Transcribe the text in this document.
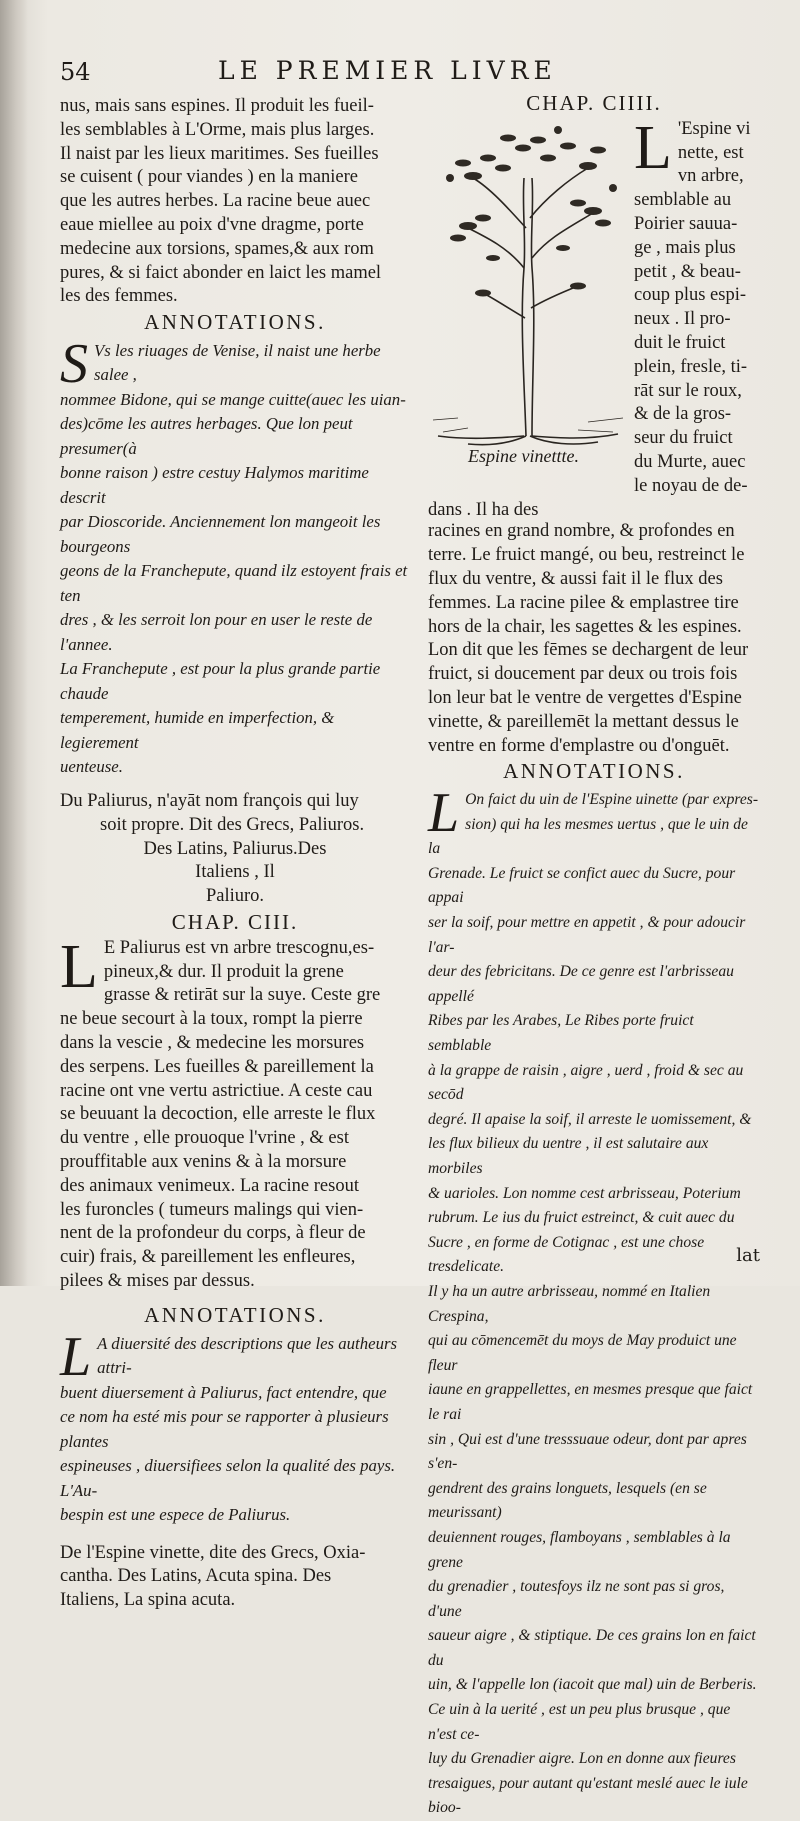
54	LE PREMIER LIVRE

nus, mais sans espines. Il produit les fueil-

les semblables à L'Orme, mais plus larges.

Il naist par les lieux maritimes. Ses fueilles

se cuisent ( pour viandes ) en la maniere

que les autres herbes. La racine beue auec

eaue miellee au poix d'vne dragme, porte

medecine aux torsions, spames,& aux rom

pures, & si faict abonder en laict les mamel

les des femmes.

ANNOTATIONS.
S Vs les riuages de Venise, il naist une herbe salee ,

nommee Bidone, qui se mange cuitte(auec les uian-

des)cōme les autres herbages. Que lon peut presumer(à

bonne raison ) estre cestuy Halymos maritime descrit

par Dioscoride. Anciennement lon mangeoit les bourgeons

geons de la Francheputе, quand ilz estoyent frais et ten

dres , & les serroit lon pour en user le reste de l'annee.

La Francheputе , est pour la plus grande partie chaude

temperement, humide en imperfection, & legierement

uenteuse.

Du Paliurus, n'ayāt nom françois qui luy

soit propre. Dit des Grecs, Paliuros.

Des Latins, Paliurus.Des

Italiens , Il

Paliuro.

CHAP. CIII.
L E Paliurus est vn arbre trescognu,es-

pineux,& dur. Il produit la grene

grasse & retirāt sur la suye. Ceste gre

ne beue secourt à la toux, rompt la pierre

dans la vescie , & medecine les morsures

des serpens. Les fueilles & pareillement la

racine ont vne vertu astrictiue. A ceste cau

se beuuant la decoction, elle arreste le flux

du ventre , elle prouoque l'vrine , & est

prouffitable aux venins & à la morsure

des animaux venimeux. La racine resout

les furoncles ( tumeurs malings qui vien-

nent de la profondeur du corps, à fleur de

cuir) frais, & pareillement les enfleures,

pilees & mises par dessus.

ANNOTATIONS.
L A diuersité des descriptions que les autheurs attri-

buent diuersement à Paliurus, fact entendre, que

ce nom ha esté mis pour se rapporter à plusieurs plantes

espineuses , diuersifiees selon la qualité des pays. L'Au-

bespin est une espece de Paliurus.

De l'Espine vinette, dite des Grecs, Oxia-

cantha. Des Latins, Acuta spina. Des

Italiens, La spina acuta.

CHAP. CIIII.
Espine vinettte.
L 'Espine vi

nette, est

vn arbre,

semblable au

Poirier sauua-

ge , mais plus

petit , & beau-

coup plus espi-

neux . Il pro-

duit le fruict

plein, fresle, ti-

rāt sur le roux,

& de la gros-

seur du fruict

du Murte, auec

le noyau de de-

dans . Il ha des

racines en grand nombre, & profondes en

terre. Le fruict mangé, ou beu, restreinct le

flux du ventre, & aussi fait il le flux des

femmes. La racine pilee & emplastree tire

hors de la chair, les sagettes & les espines.

Lon dit que les fēmes se dechargent de leur

fruict, si doucement par deux ou trois fois

lon leur bat le ventre de vergettes d'Espine

vinette, & pareillemēt la mettant dessus le

ventre en forme d'emplastre ou d'onguēt.

ANNOTATIONS.
L On faict du uin de l'Espine uinette (par expres-

sion) qui ha les mesmes uertus , que le uin de la

Grenade. Le fruict se confict auec du Sucre, pour appai

ser la soif, pour mettre en appetit , & pour adoucir l'ar-

deur des febricitans. De ce genre est l'arbrisseau appellé

Ribes par les Arabes, Le Ribes porte fruict semblable

à la grappe de raisin , aigre , uerd , froid & sec au secōd

degré. Il apaise la soif, il arreste le uomissement, &

les flux bilieux du uentre , il est salutaire aux morbiles

& uarioles. Lon nomme cest arbrisseau, Poterium

rubrum. Le ius du fruict estreinct, & cuit auec du

Sucre , en forme de Cotignac , est une chose tresdelicate.

Il y ha un autre arbrisseau, nommé en Italien Crespina,

qui au cōmencemēt du moys de May produict une fleur

iaune en grappellettes, en mesmes presque que faict le rai

sin , Qui est d'une tresssuaue odeur, dont par apres s'en-

gendrent des grains longuets, lesquels (en se meurissant)

deuiennent rouges, flamboyans , semblables à la grene

du grenadier , toutesfoys ilz ne sont pas si gros, d'une

saueur aigre , & stiptique. De ces grains lon en faict du

uin, & l'appelle lon (iacoit que mal) uin de Berberis.

Ce uin à la uerité , est un peu plus brusque , que n'est ce-

luy du Grenadier aigre. Lon en donne aux fieures

tresaigues, pour autant qu'estant meslé auec le iule bioo-

lat
